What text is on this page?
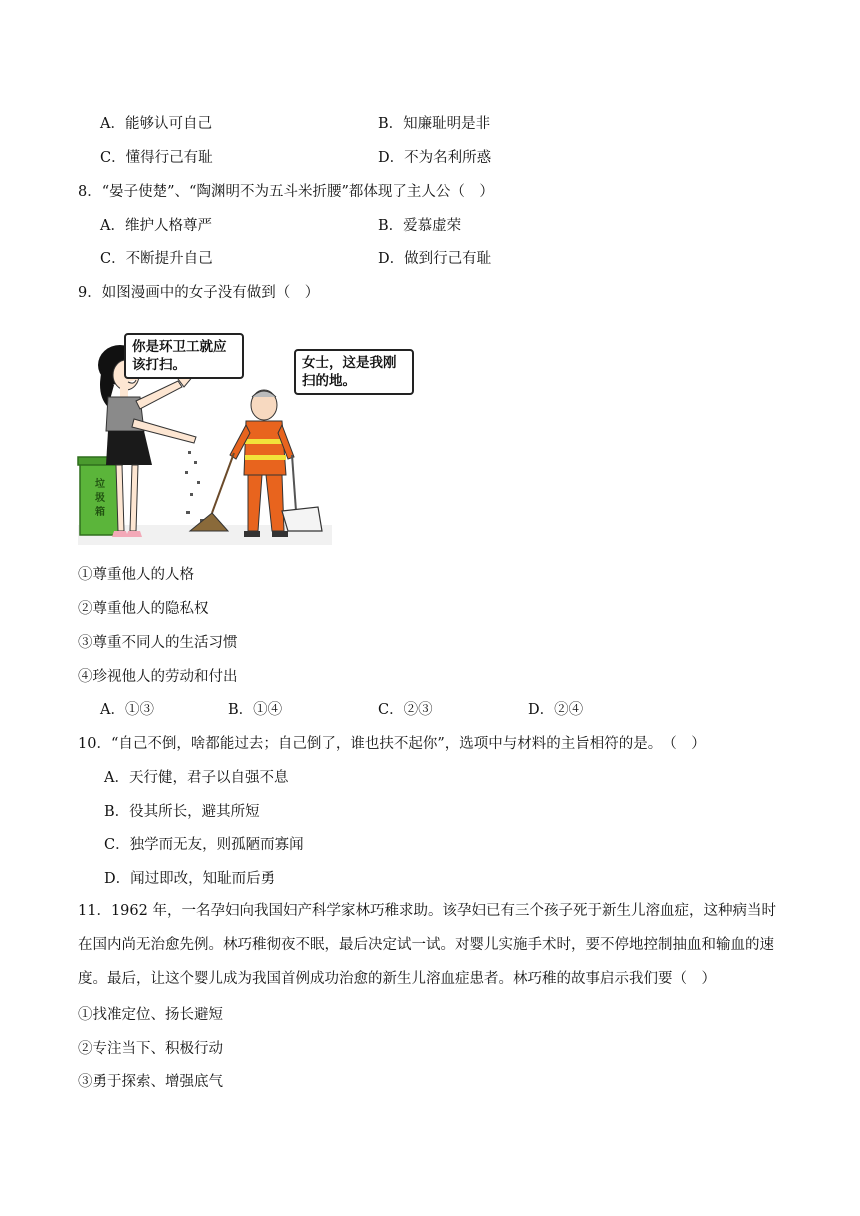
A．能够认可自己	B．知廉耻明是非
C．懂得行己有耻	D．不为名利所惑
8．“晏子使楚”、“陶渊明不为五斗米折腰”都体现了主人公（　）
A．维护人格尊严	B．爱慕虚荣
C．不断提升自己	D．做到行己有耻
9．如图漫画中的女子没有做到（　）
垃
圾
箱
你是环卫工就应该打扫。	女士，这是我刚扫的地。
①尊重他人的人格
②尊重他人的隐私权
③尊重不同人的生活习惯
④珍视他人的劳动和付出
A．①③	B．①④	C．②③	D．②④
10．“自己不倒，啥都能过去；自己倒了，谁也扶不起你”，选项中与材料的主旨相符的是。　（　）
A．天行健，君子以自强不息
B．役其所长，避其所短
C．独学而无友，则孤陋而寡闻
D．闻过即改，知耻而后勇
11．1962 年，一名孕妇向我国妇产科学家林巧稚求助。该孕妇已有三个孩子死于新生儿溶血症，这种病当时在国内尚无治愈先例。林巧稚彻夜不眠，最后决定试一试。对婴儿实施手术时，要不停地控制抽血和输血的速度。最后，让这个婴儿成为我国首例成功治愈的新生儿溶血症患者。林巧稚的故事启示我们要（　）
①找准定位、扬长避短
②专注当下、积极行动
③勇于探索、增强底气
